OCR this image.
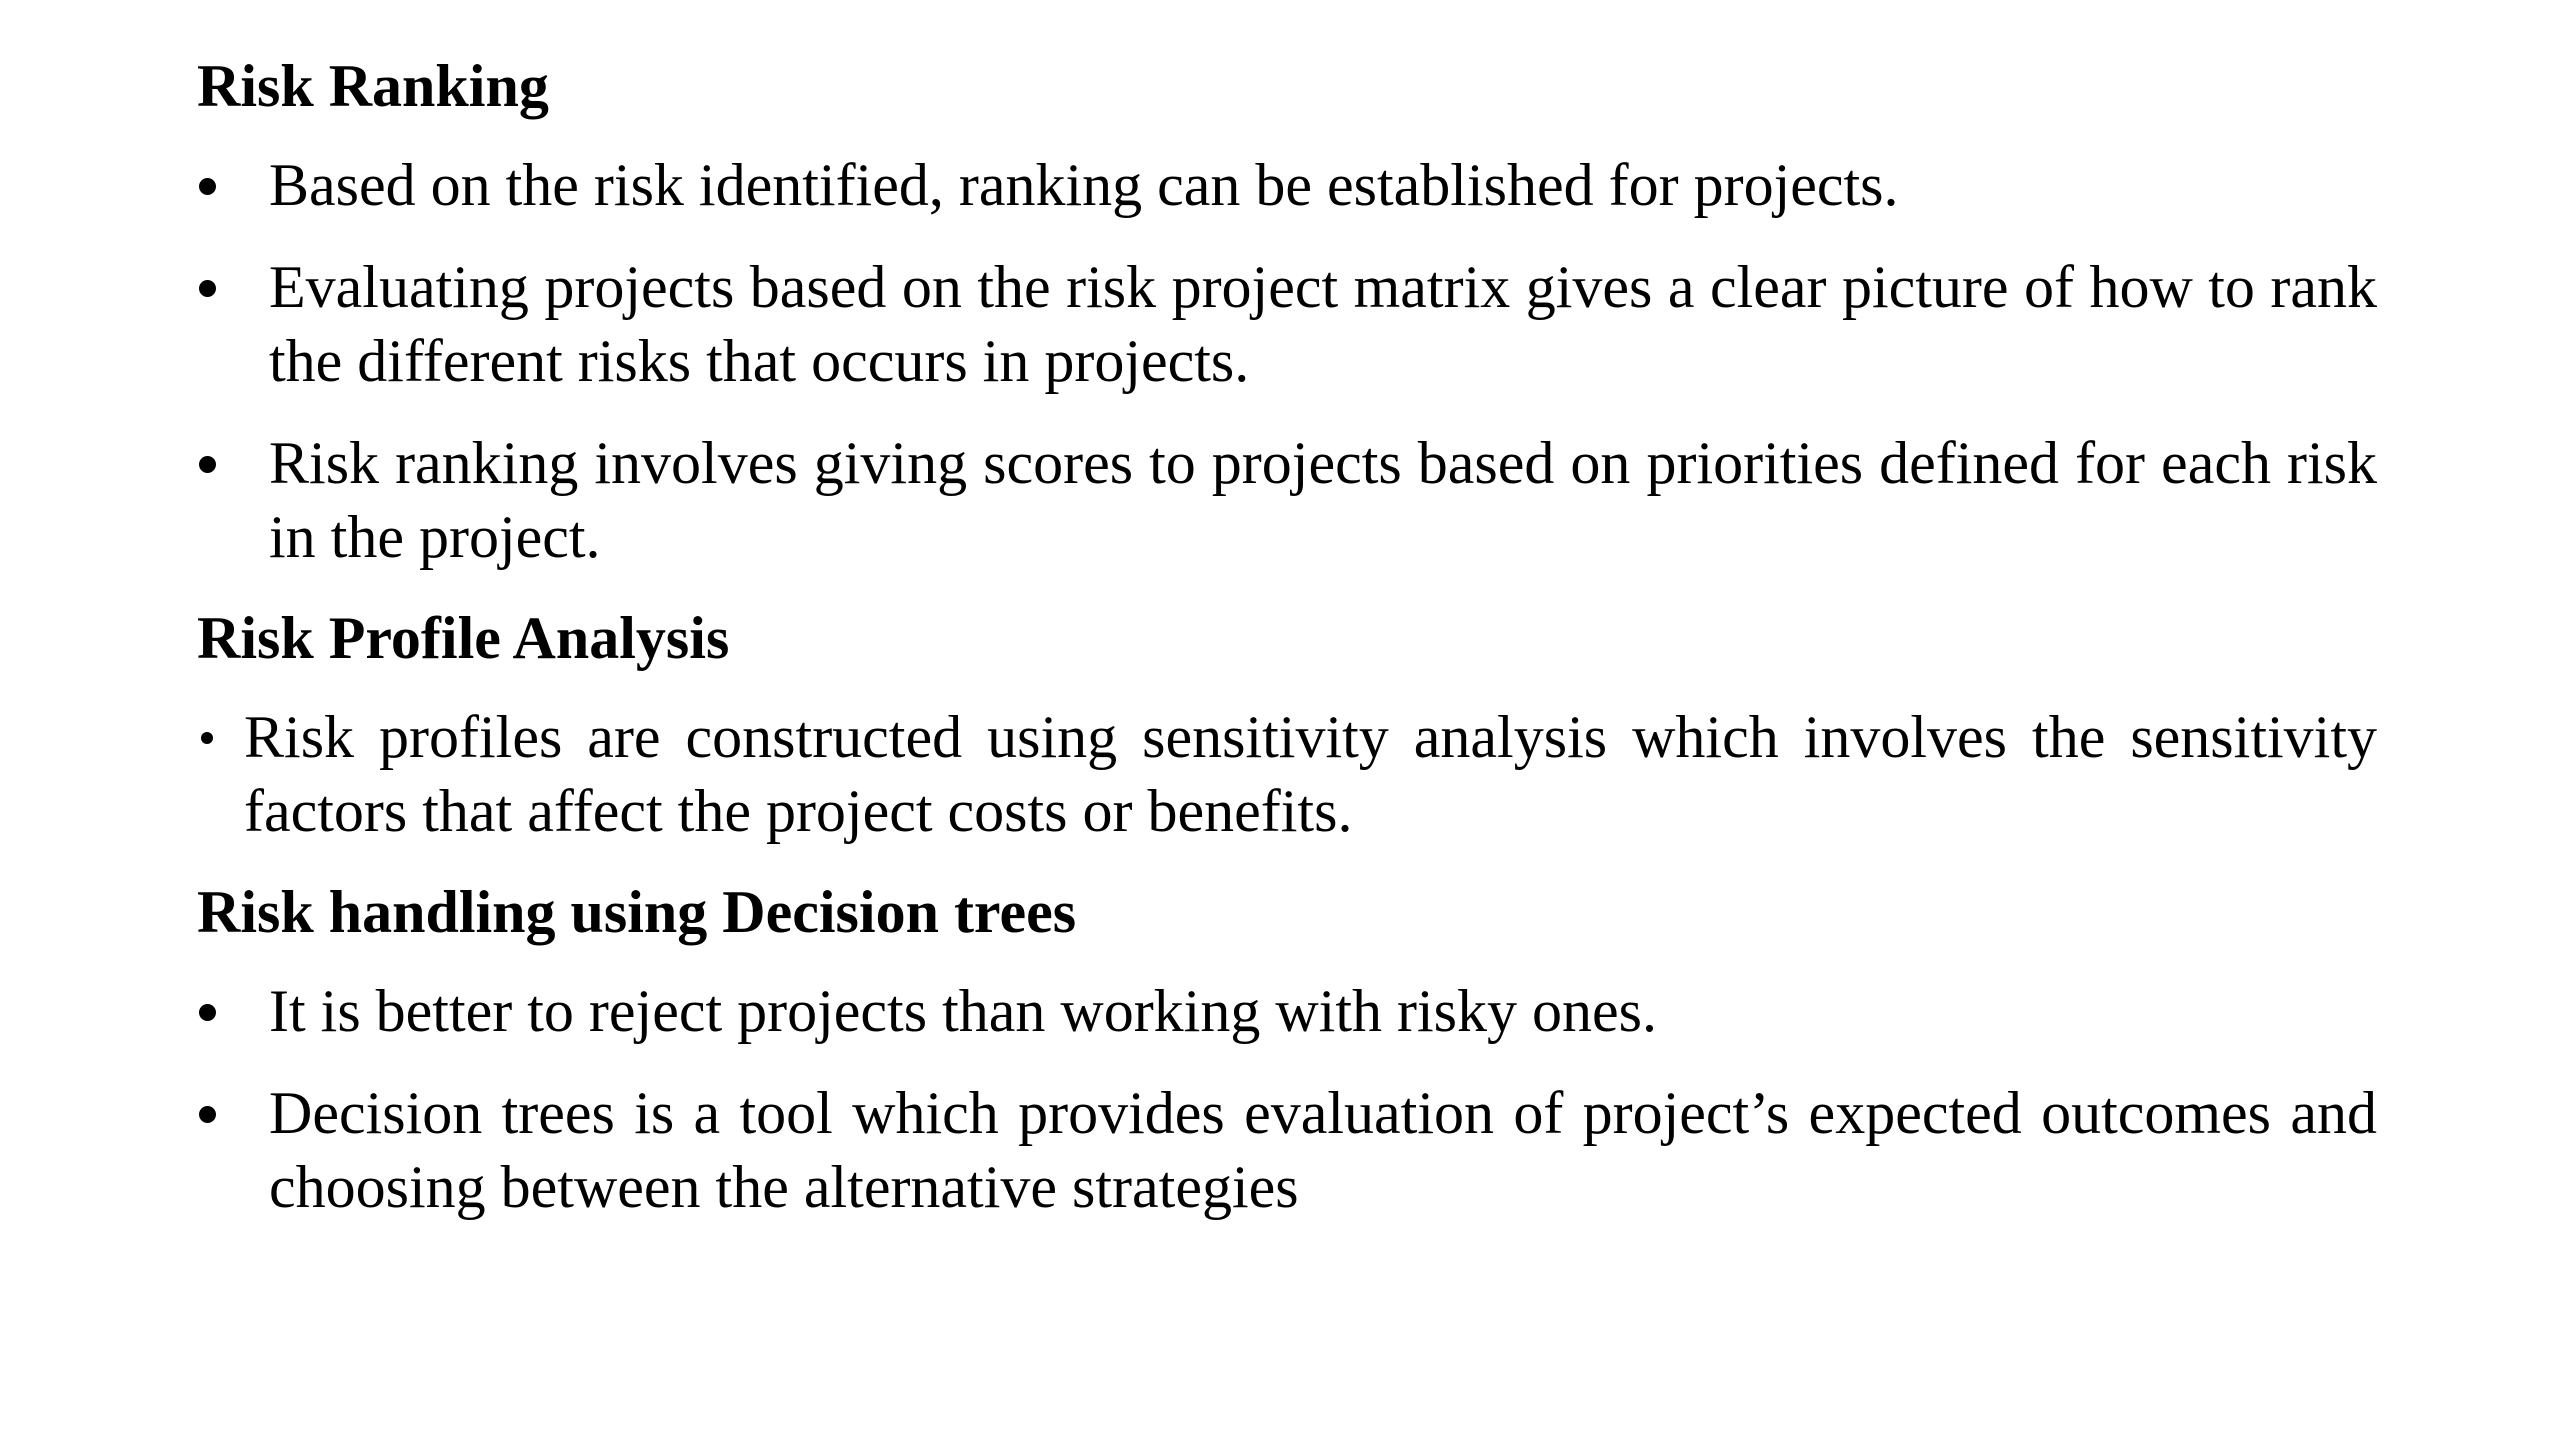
Risk Ranking
Based on the risk identified, ranking can be established for projects.
Evaluating projects based on the risk project matrix gives a clear picture of how to rank the different risks that occurs in projects.
Risk ranking involves giving scores to projects based on priorities defined for each risk in the project.
Risk Profile Analysis
Risk profiles are constructed using sensitivity analysis which involves the sensitivity factors that affect the project costs or benefits.
Risk handling using Decision trees
It is better to reject projects than working with risky ones.
Decision trees is a tool which provides evaluation of project’s expected outcomes and choosing between the alternative strategies
